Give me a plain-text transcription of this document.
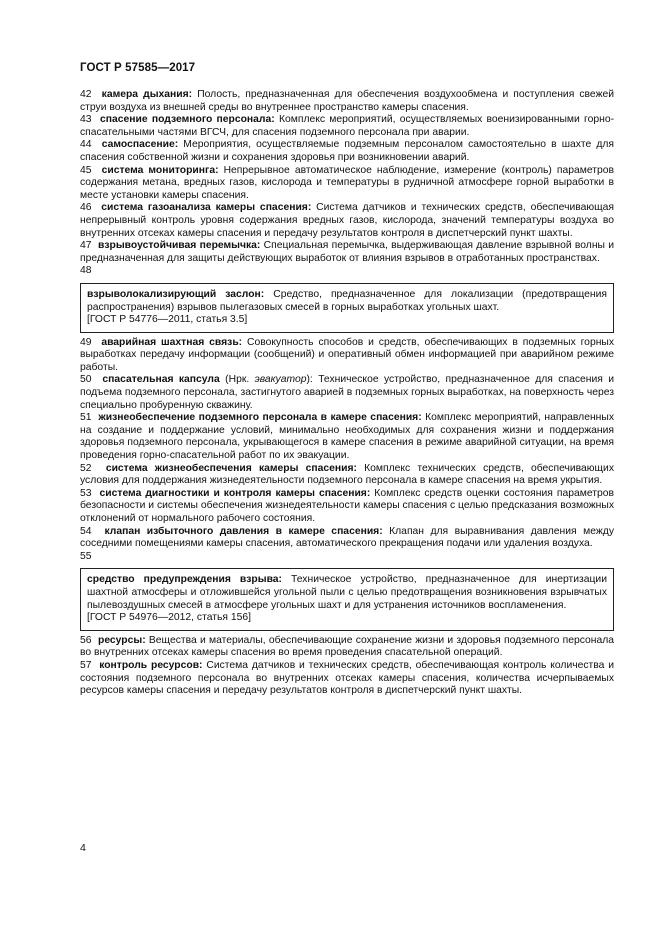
ГОСТ Р 57585—2017

42 камера дыхания: Полость, предназначенная для обеспечения воздухообмена и поступления свежей струи воздуха из внешней среды во внутреннее пространство камеры спасения.

43 спасение подземного персонала: Комплекс мероприятий, осуществляемых военизированными горно-спасательными частями ВГСЧ, для спасения подземного персонала при аварии.

44 самоспасение: Мероприятия, осуществляемые подземным персоналом самостоятельно в шахте для спасения собственной жизни и сохранения здоровья при возникновении аварий.

45 система мониторинга: Непрерывное автоматическое наблюдение, измерение (контроль) параметров содержания метана, вредных газов, кислорода и температуры в рудничной атмосфере горной выработки в месте установки камеры спасения.

46 система газоанализа камеры спасения: Система датчиков и технических средств, обеспечивающая непрерывный контроль уровня содержания вредных газов, кислорода, значений температуры воздуха во внутренних отсеках камеры спасения и передачу результатов контроля в диспетчерский пункт шахты.

47 взрывоустойчивая перемычка: Специальная перемычка, выдерживающая давление взрывной волны и предназначенная для защиты действующих выработок от влияния взрывов в отработанных пространствах.

48

взрыволокализирующий заслон: Средство, предназначенное для локализации (предотвращения распространения) взрывов пылегазовых смесей в горных выработках угольных шахт.

[ГОСТ Р 54776—2011, статья 3.5]

49 аварийная шахтная связь: Совокупность способов и средств, обеспечивающих в подземных горных выработках передачу информации (сообщений) и оперативный обмен информацией при аварийном режиме работы.

50 спасательная капсула (Нрк. эвакуатор): Техническое устройство, предназначенное для спасения и подъема подземного персонала, застигнутого аварией в подземных горных выработках, на поверхность через специально пробуренную скважину.

51 жизнеобеспечение подземного персонала в камере спасения: Комплекс мероприятий, направленных на создание и поддержание условий, минимально необходимых для сохранения жизни и поддержания здоровья подземного персонала, укрывающегося в камере спасения в режиме аварийной ситуации, на время проведения горно-спасательной работ по их эвакуации.

52 система жизнеобеспечения камеры спасения: Комплекс технических средств, обеспечивающих условия для поддержания жизнедеятельности подземного персонала в камере спасения на время укрытия.

53 система диагностики и контроля камеры спасения: Комплекс средств оценки состояния параметров безопасности и системы обеспечения жизнедеятельности камеры спасения с целью предсказания возможных отклонений от нормального рабочего состояния.

54 клапан избыточного давления в камере спасения: Клапан для выравнивания давления между соседними помещениями камеры спасения, автоматического прекращения подачи или удаления воздуха.

55

средство предупреждения взрыва: Техническое устройство, предназначенное для инертизации шахтной атмосферы и отложившейся угольной пыли с целью предотвращения возникновения взрывчатых пылевоздушных смесей в атмосфере угольных шахт и для устранения источников воспламенения.

[ГОСТ Р 54976—2012, статья 156]

56 ресурсы: Вещества и материалы, обеспечивающие сохранение жизни и здоровья подземного персонала во внутренних отсеках камеры спасения во время проведения спасательной операций.

57 контроль ресурсов: Система датчиков и технических средств, обеспечивающая контроль количества и состояния подземного персонала во внутренних отсеках камеры спасения, количества исчерпываемых ресурсов камеры спасения и передачу результатов контроля в диспетчерский пункт шахты.

4
